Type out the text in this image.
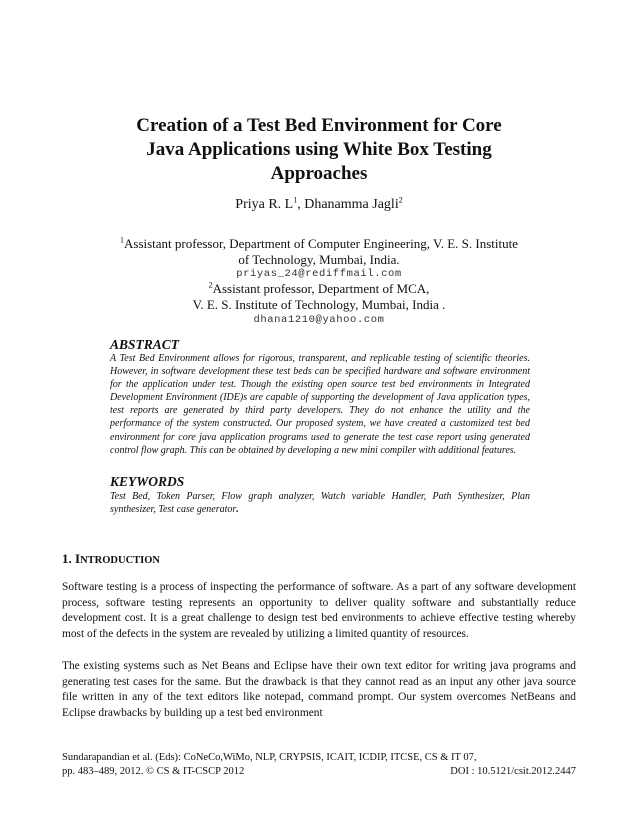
Creation of a Test Bed Environment for Core
Java Applications using White Box Testing
Approaches
Priya R. $L^1$, Dhanamma Jagli$^2$
$^1$Assistant professor, Department of Computer Engineering, V. E. S. Institute
of Technology, Mumbai, India.
priyas_24@rediffmail.com
$^2$Assistant professor, Department of MCA,
V. E. S. Institute of Technology, Mumbai, India .
dhana1210@yahoo.com
ABSTRACT
A Test Bed Environment allows for rigorous, transparent, and replicable testing of scientific theories. However, in software development these test beds can be specified hardware and software environment for the application under test. Though the existing open source test bed environments in Integrated Development Environment (IDE)s are capable of supporting the development of Java application types, test reports are generated by third party developers. They do not enhance the utility and the performance of the system constructed. Our proposed system, we have created a customized test bed environment for core java application programs used to generate the test case report using generated control flow graph. This can be obtained by developing a new mini compiler with additional features.
KEYWORDS
Test Bed, Token Parser, Flow graph analyzer, Watch variable Handler, Path Synthesizer, Plan synthesizer, Test case generator.
1. INTRODUCTION
Software testing is a process of inspecting the performance of software. As a part of any software development process, software testing represents an opportunity to deliver quality software and substantially reduce development cost. It is a great challenge to design test bed environments to achieve effective testing whereby most of the defects in the system are revealed by utilizing a limited quantity of resources.
The existing systems such as Net Beans and Eclipse have their own text editor for writing java programs and generating test cases for the same. But the drawback is that they cannot read as an input any other java source file written in any of the text editors like notepad, command prompt. Our system overcomes NetBeans and Eclipse drawbacks by building up a test bed environment
Sundarapandian et al. (Eds): CoNeCo,WiMo, NLP, CRYPSIS, ICAIT, ICDIP, ITCSE, CS & IT 07,
pp. 483–489, 2012. © CS & IT-CSCP 2012	DOI : 10.5121/csit.2012.2447
